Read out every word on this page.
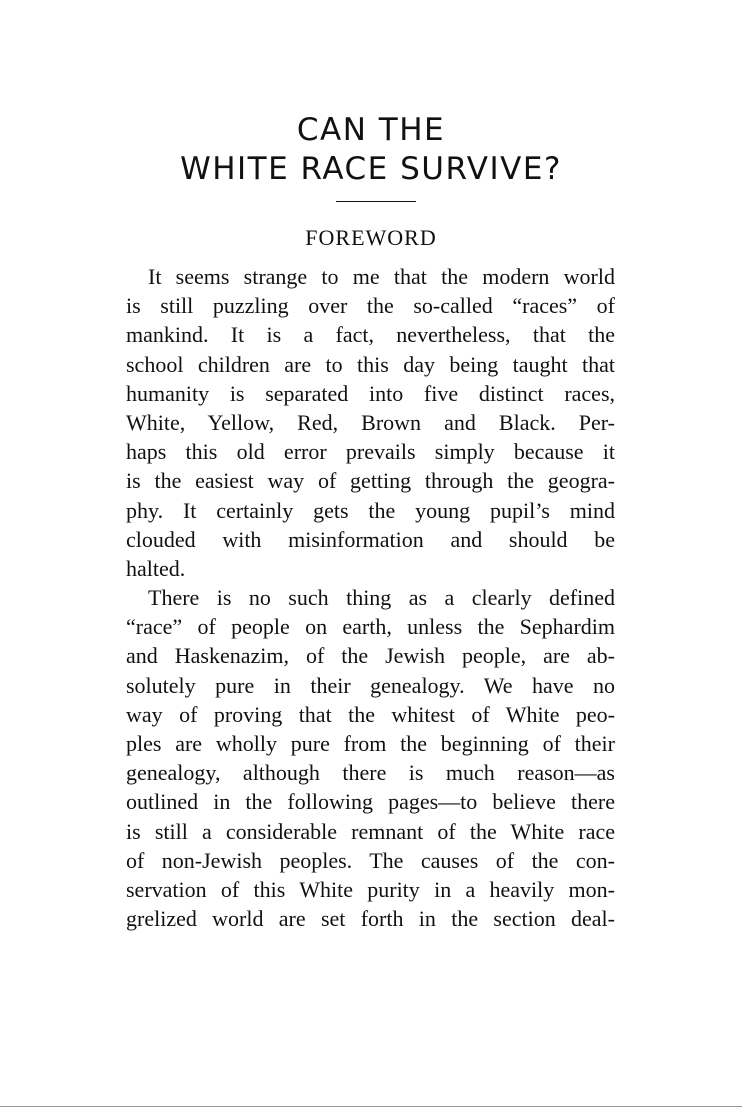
CAN THE
WHITE RACE SURVIVE?
FOREWORD
It seems strange to me that the modern world
is still puzzling over the so-called “races” of
mankind. It is a fact, nevertheless, that the
school children are to this day being taught that
humanity is separated into five distinct races,
White, Yellow, Red, Brown and Black. Per-
haps this old error prevails simply because it
is the easiest way of getting through the geogra-
phy. It certainly gets the young pupil’s mind
clouded with misinformation and should be
halted.
There is no such thing as a clearly defined
“race” of people on earth, unless the Sephardim
and Haskenazim, of the Jewish people, are ab-
solutely pure in their genealogy. We have no
way of proving that the whitest of White peo-
ples are wholly pure from the beginning of their
genealogy, although there is much reason—as
outlined in the following pages—to believe there
is still a considerable remnant of the White race
of non-Jewish peoples. The causes of the con-
servation of this White purity in a heavily mon-
grelized world are set forth in the section deal-
